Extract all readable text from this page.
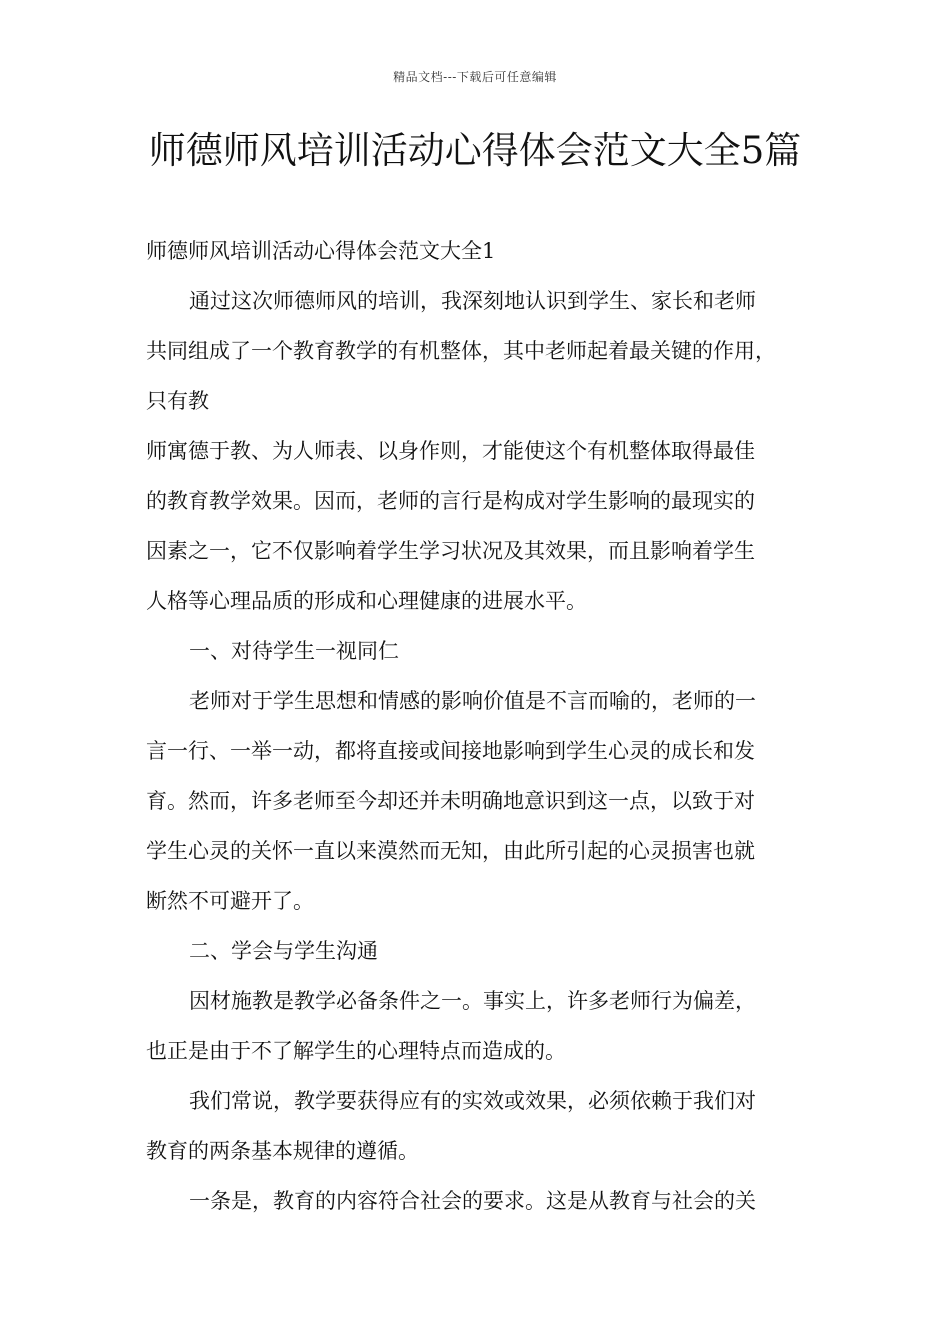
精品文档---下载后可任意编辑
师德师风培训活动心得体会范文大全5篇
师德师风培训活动心得体会范文大全1
通过这次师德师风的培训，我深刻地认识到学生、家长和老师
共同组成了一个教育教学的有机整体，其中老师起着最关键的作用，
只有教
师寓德于教、为人师表、以身作则，才能使这个有机整体取得最佳
的教育教学效果。因而，老师的言行是构成对学生影响的最现实的
因素之一，它不仅影响着学生学习状况及其效果，而且影响着学生
人格等心理品质的形成和心理健康的进展水平。
一、对待学生一视同仁
老师对于学生思想和情感的影响价值是不言而喻的，老师的一
言一行、一举一动，都将直接或间接地影响到学生心灵的成长和发
育。然而，许多老师至今却还并未明确地意识到这一点，以致于对
学生心灵的关怀一直以来漠然而无知，由此所引起的心灵损害也就
断然不可避开了。
二、学会与学生沟通
因材施教是教学必备条件之一。事实上，许多老师行为偏差，
也正是由于不了解学生的心理特点而造成的。
我们常说，教学要获得应有的实效或效果，必须依赖于我们对
教育的两条基本规律的遵循。
一条是，教育的内容符合社会的要求。这是从教育与社会的关
